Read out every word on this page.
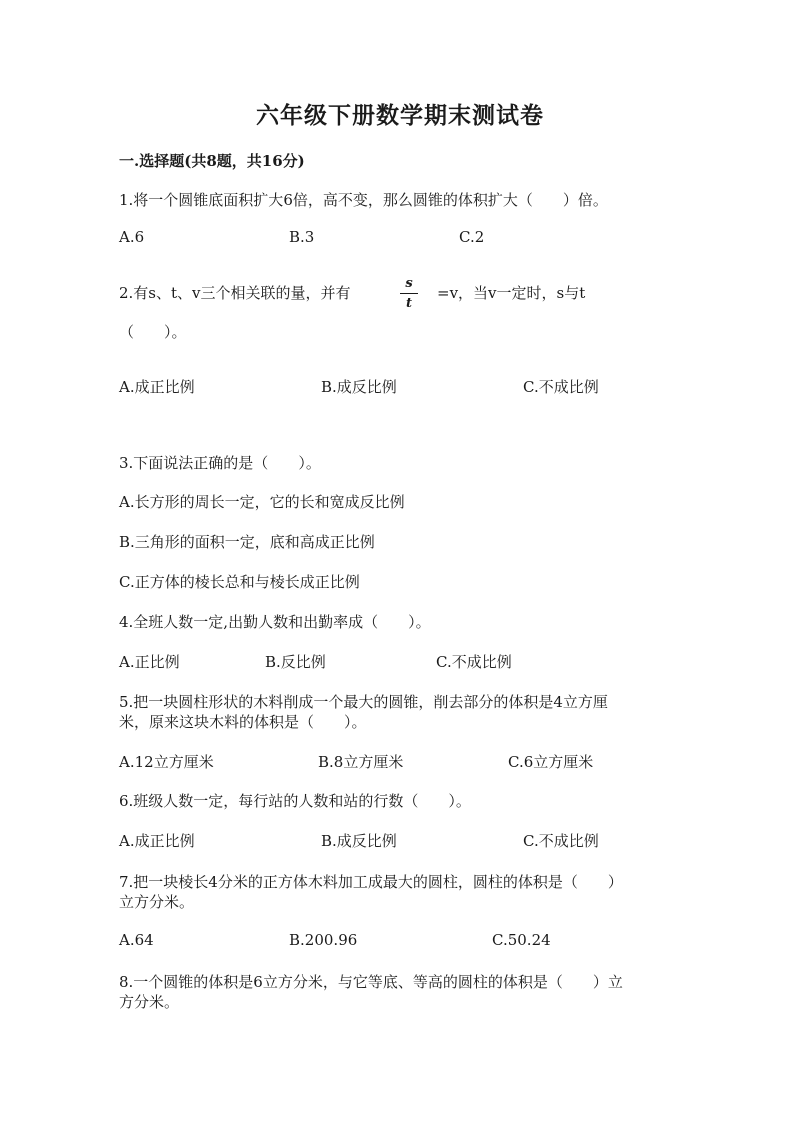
六年级下册数学期末测试卷
一.选择题(共8题，共16分)
1.将一个圆锥底面积扩大6倍，高不变，那么圆锥的体积扩大（　　）倍。
A.6	B.3	C.2
2.有s、t、v三个相关联的量，并有
s
t
=v，当v一定时，s与t
（　　）。
A.成正比例	B.成反比例	C.不成比例
3.下面说法正确的是（　　）。
A.长方形的周长一定，它的长和宽成反比例
B.三角形的面积一定，底和高成正比例
C.正方体的棱长总和与棱长成正比例
4.全班人数一定,出勤人数和出勤率成（　　）。
A.正比例	B.反比例	C.不成比例
5.把一块圆柱形状的木料削成一个最大的圆锥，削去部分的体积是4立方厘
米，原来这块木料的体积是（　　）。
A.12立方厘米	B.8立方厘米	C.6立方厘米
6.班级人数一定，每行站的人数和站的行数（　　）。
A.成正比例	B.成反比例	C.不成比例
7.把一块棱长4分米的正方体木料加工成最大的圆柱，圆柱的体积是（　　）
立方分米。
A.64	B.200.96	C.50.24
8.一个圆锥的体积是6立方分米，与它等底、等高的圆柱的体积是（　　）立
方分米。
